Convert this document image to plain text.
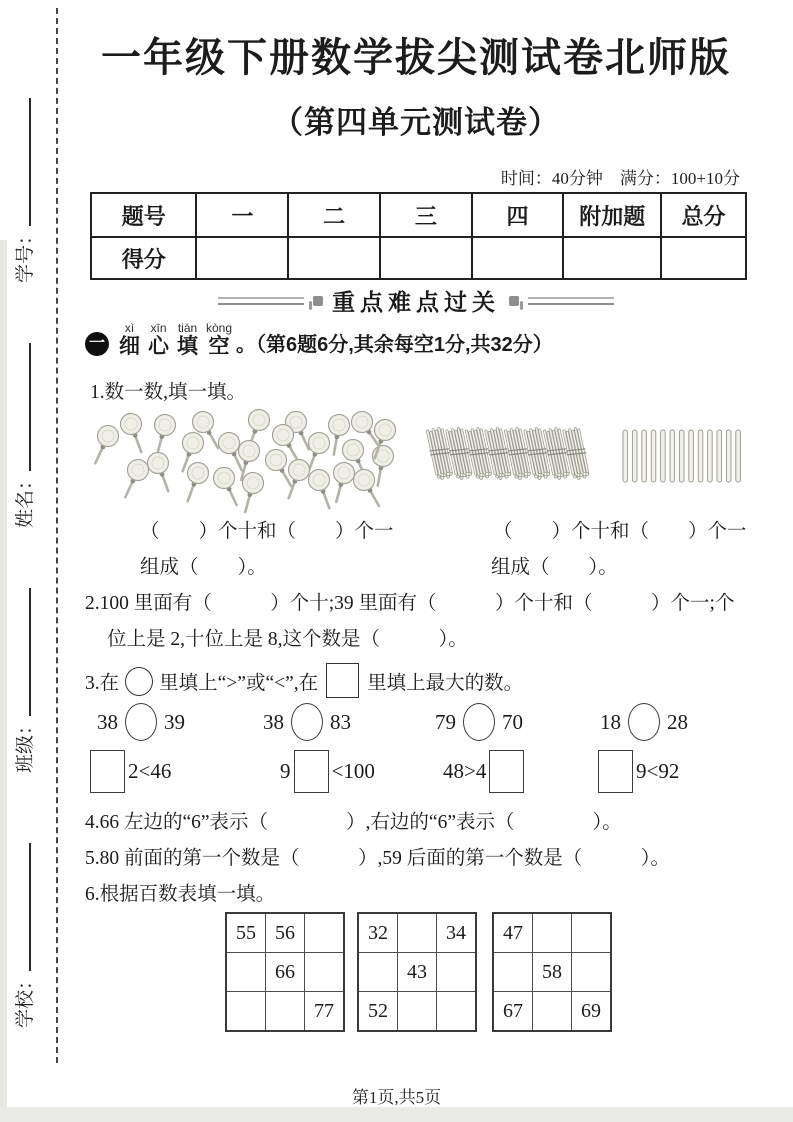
学校：
班级：
姓名：
学号：
一年级下册数学拔尖测试卷北师版
（第四单元测试卷）
时间：40分钟　满分：100+10分
题号	一	二	三	四	附加题	总分
得分						
重点难点过关
一
xì
细
xīn
心
tián
填
kòng
空 。（第6题6分,其余每空1分,共32分）
1.数一数,填一填。
（　　）个十和（　　）个一	（　　）个十和（　　）个一
组成（　　）。	组成（　　）。
2.100 里面有（　　　）个十;39 里面有（　　　）个十和（　　　）个一;个
位上是 2,十位上是 8,这个数是（　　　）。
3.在 里填上“>”或“<”,在	里填上最大的数。
38 39	38 83	79 70	18 28
2<46	9 <100	48>4	9<92
4.66 左边的“6”表示（　　　　）,右边的“6”表示（　　　　）。
5.80 前面的第一个数是（　　　）,59 后面的第一个数是（　　　）。
6.根据百数表填一填。
55	56	
	66	
		77
32		34
	43	
52		
47		
	58	
67		69
第1页,共5页
